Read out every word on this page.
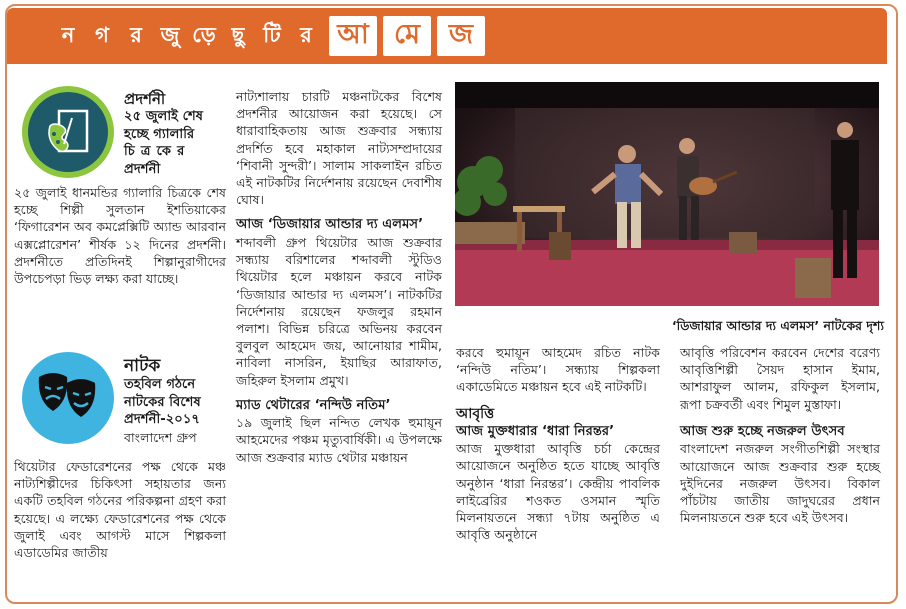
ন গ	র জু ড়ে ছু টি র আ মে	জ
প্রদর্শনী
২৫ জুলাই শেষ
হচ্ছে গ্যালারি
চিত্রকের
প্রদর্শনী

২৫ জুলাই ধানমন্ডির গ্যালারি চিত্রকে শেষ হচ্ছে শিল্পী সুলতান ইশতিয়াকের ‘ফিগারেশন অব কমপ্লেক্সিটি অ্যান্ড আরবান এক্সপ্লোরেশন’ শীর্ষক ১২ দিনের প্রদর্শনী। প্রদর্শনীতে প্রতিদিনই শিল্পানুরাগীদের উপচেপড়া ভিড় লক্ষ্য করা যাচ্ছে।

নাটক
তহবিল গঠনে
নাটকের বিশেষ
প্রদর্শনী-২০১৭
বাংলাদেশ গ্রুপ

থিয়েটার ফেডারেশনের পক্ষ থেকে মঞ্চ নাট্যশিল্পীদের চিকিৎসা সহায়তার জন্য একটি তহবিল গঠনের পরিকল্পনা গ্রহণ করা হয়েছে। এ লক্ষ্যে ফেডারেশনের পক্ষ থেকে জুলাই এবং আগস্ট মাসে শিল্পকলা এডাডেমির জাতীয়

নাট্যশালায় চারটি মঞ্চনাটকের বিশেষ প্রদর্শনীর আয়োজন করা হয়েছে। সে ধারাবাহিকতায় আজ শুক্রবার সন্ধ্যায় প্রদর্শিত হবে মহাকাল নাট্যসম্প্রদায়ের ‘শিবানী সুন্দরী’। সালাম সাকলাইন রচিত এই নাটকটির নির্দেশনায় রয়েছেন দেবাশীষ ঘোষ।

আজ ‘ডিজায়ার আন্ডার দ্য এলমস’

শব্দাবলী গ্রুপ থিয়েটার আজ শুক্রবার সন্ধ্যায় বরিশালের শব্দাবলী স্টুডিও থিয়েটার হলে মঞ্চায়ন করবে নাটক ‘ডিজায়ার আন্ডার দ্য এলমস’। নাটকটির নির্দেশনায় রয়েছেন ফজলুর রহমান পলাশ। বিভিন্ন চরিত্রে অভিনয় করবেন বুলবুল আহমেদ জয়, আনোয়ার শামীম, নাবিলা নাসরিন, ইয়াছির আরাফাত, জহিরুল ইসলাম প্রমুখ।

ম্যাড থেটারের ‘নন্দিউ নতিম’

১৯ জুলাই ছিল নন্দিত লেখক হুমায়ূন আহমেদের পঞ্চম মৃত্যুবার্ষিকী। এ উপলক্ষে আজ শুক্রবার ম্যাড থেটার মঞ্চায়ন

‘ডিজায়ার আন্ডার দ্য এলমস’ নাটকের দৃশ্য

করবে হুমায়ূন আহমেদ রচিত নাটক ‘নন্দিউ নতিম’। সন্ধ্যায় শিল্পকলা একাডেমিতে মঞ্চায়ন হবে এই নাটকটি।

আবৃত্তি
আজ মুক্তধারার ‘ধারা নিরন্তর’

আজ মুক্তধারা আবৃত্তি চর্চা কেন্দ্রের আয়োজনে অনুষ্ঠিত হতে যাচ্ছে আবৃত্তি অনুষ্ঠান ‘ধারা নিরন্তর’। কেন্দ্রীয় পাবলিক লাইব্রেরির শওকত ওসমান স্মৃতি মিলনায়তনে সন্ধ্যা ৭টায় অনুষ্ঠিত এ আবৃত্তি অনুষ্ঠানে

আবৃত্তি পরিবেশন করবেন দেশের বরেণ্য আবৃত্তিশিল্পী সৈয়দ হাসান ইমাম, আশরাফুল আলম, রফিকুল ইসলাম, রূপা চক্রবর্তী এবং শিমুল মুস্তাফা।

আজ শুরু হচ্ছে নজরুল উৎসব

বাংলাদেশ নজরুল সংগীতশিল্পী সংস্থার আয়োজনে আজ শুক্রবার শুরু হচ্ছে দুইদিনের নজরুল উৎসব। বিকাল পাঁচটায় জাতীয় জাদুঘরের প্রধান মিলনায়তনে শুরু হবে এই উৎসব।
